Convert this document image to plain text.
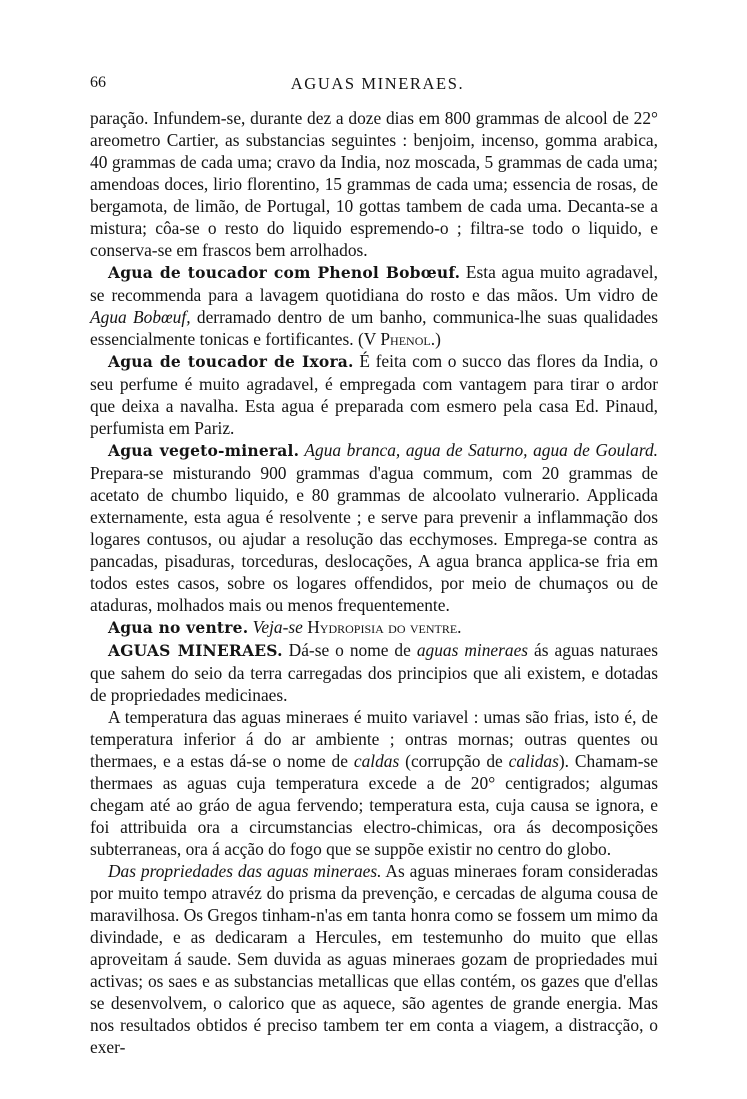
66	AGUAS MINERAES.

paração. Infundem-se, durante dez a doze dias em 800 grammas de alcool de 22° areometro Cartier, as substancias seguintes : benjoim, incenso, gomma arabica, 40 grammas de cada uma; cravo da India, noz moscada, 5 grammas de cada uma; amendoas doces, lirio florentino, 15 grammas de cada uma; essencia de rosas, de bergamota, de limão, de Portugal, 10 gottas tambem de cada uma. Decanta-se a mistura; côa-se o resto do liquido espremendo-o ; filtra-se todo o liquido, e conserva-se em frascos bem arrolhados.

Agua de toucador com Phenol Bobœuf. Esta agua muito agradavel, se recommenda para a lavagem quotidiana do rosto e das mãos. Um vidro de Agua Bobœuf, derramado dentro de um banho, communica-lhe suas qualidades essencialmente tonicas e fortificantes. (V Phenol.)

Agua de toucador de Ixora. É feita com o succo das flores da India, o seu perfume é muito agradavel, é empregada com vantagem para tirar o ardor que deixa a navalha. Esta agua é preparada com esmero pela casa Ed. Pinaud, perfumista em Pariz.

Agua vegeto-mineral. Agua branca, agua de Saturno, agua de Goulard. Prepara-se misturando 900 grammas d'agua commum, com 20 grammas de acetato de chumbo liquido, e 80 grammas de alcoolato vulnerario. Applicada externamente, esta agua é resolvente ; e serve para prevenir a inflammação dos logares contusos, ou ajudar a resolução das ecchymoses. Emprega-se contra as pancadas, pisaduras, torceduras, deslocações, A agua branca applica-se fria em todos estes casos, sobre os logares offendidos, por meio de chumaços ou de ataduras, molhados mais ou menos frequentemente.

Agua no ventre. Veja-se Hydropisia do ventre.

AGUAS MINERAES. Dá-se o nome de aguas mineraes ás aguas naturaes que sahem do seio da terra carregadas dos principios que ali existem, e dotadas de propriedades medicinaes.

A temperatura das aguas mineraes é muito variavel : umas são frias, isto é, de temperatura inferior á do ar ambiente ; ontras mornas; outras quentes ou thermaes, e a estas dá-se o nome de caldas (corrupção de calidas). Chamam-se thermaes as aguas cuja temperatura excede a de 20° centigrados; algumas chegam até ao gráo de agua fervendo; temperatura esta, cuja causa se ignora, e foi attribuida ora a circumstancias electro-chimicas, ora ás decomposições subterraneas, ora á acção do fogo que se suppõe existir no centro do globo.

Das propriedades das aguas mineraes. As aguas mineraes foram consideradas por muito tempo atravéz do prisma da prevenção, e cercadas de alguma cousa de maravilhosa. Os Gregos tinham-n'as em tanta honra como se fossem um mimo da divindade, e as dedicaram a Hercules, em testemunho do muito que ellas aproveitam á saude. Sem duvida as aguas mineraes gozam de propriedades mui activas; os saes e as substancias metallicas que ellas contém, os gazes que d'ellas se desenvolvem, o calorico que as aquece, são agentes de grande energia. Mas nos resultados obtidos é preciso tambem ter em conta a viagem, a distracção, o exer-
